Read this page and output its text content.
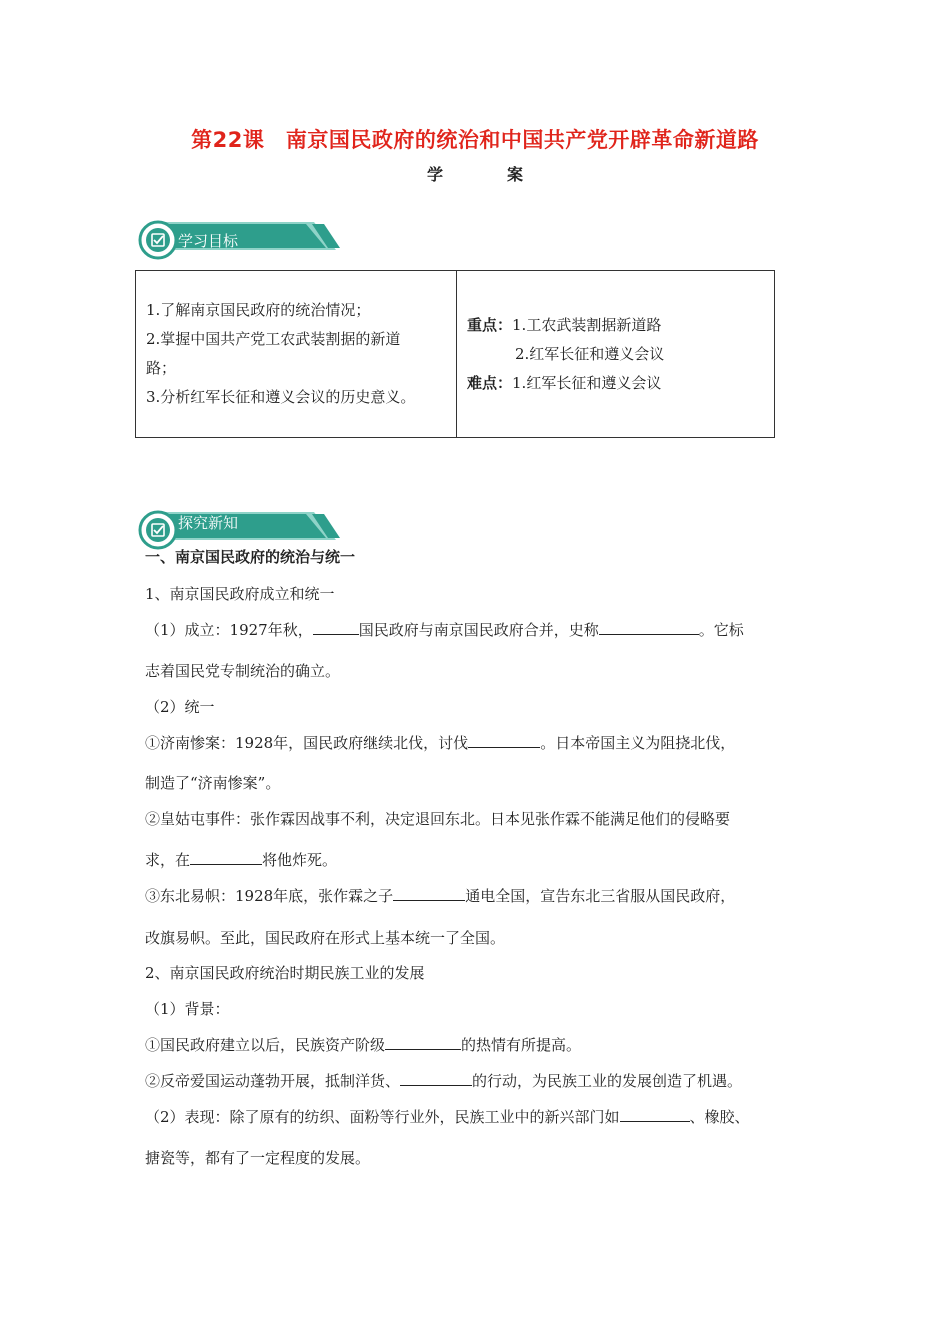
第22课　南京国民政府的统治和中国共产党开辟革命新道路
学　案
学习目标
1.了解南京国民政府的统治情况；
2.掌握中国共产党工农武装割据的新道
路；
3.分析红军长征和遵义会议的历史意义。

重点：1.工农武装割据新道路
2.红军长征和遵义会议
难点：1.红军长征和遵义会议
探究新知
一、南京国民政府的统治与统一
1、南京国民政府成立和统一
（1）成立：1927年秋，	国民政府与南京国民政府合并，史称	。它标
志着国民党专制统治的确立。
（2）统一
①济南惨案：1928年，国民政府继续北伐，讨伐	。日本帝国主义为阻挠北伐，
制造了“济南惨案”。
②皇姑屯事件：张作霖因战事不利，决定退回东北。日本见张作霖不能满足他们的侵略要
求，在	将他炸死。
③东北易帜：1928年底，张作霖之子	通电全国，宣告东北三省服从国民政府，
改旗易帜。至此，国民政府在形式上基本统一了全国。
2、南京国民政府统治时期民族工业的发展
（1）背景：
①国民政府建立以后，民族资产阶级	的热情有所提高。
②反帝爱国运动蓬勃开展，抵制洋货、	的行动，为民族工业的发展创造了机遇。
（2）表现：除了原有的纺织、面粉等行业外，民族工业中的新兴部门如	、橡胶、
搪瓷等，都有了一定程度的发展。
